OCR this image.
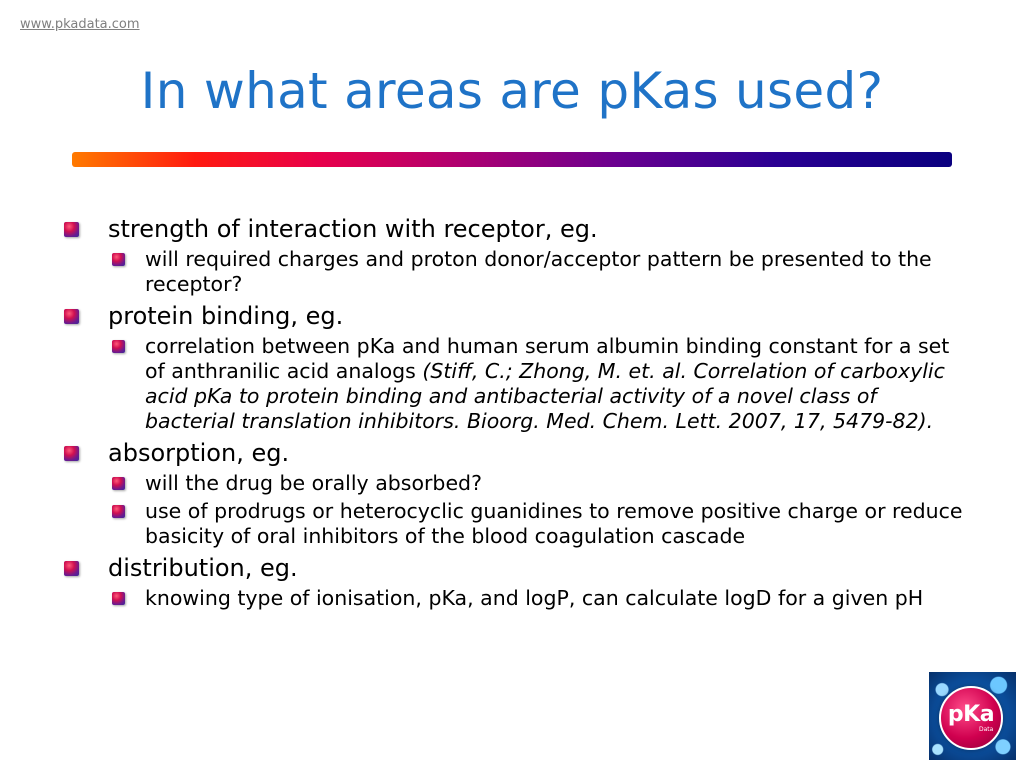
www.pkadata.com
In what areas are pKas used?
strength of interaction with receptor, eg.
will required charges and proton donor/acceptor pattern be presented to the receptor?
protein binding, eg.
correlation between pKa and human serum albumin binding constant for a set of anthranilic acid analogs (Stiff, C.; Zhong, M. et. al. Correlation of carboxylic acid pKa to protein binding and antibacterial activity of a novel class of bacterial translation inhibitors. Bioorg. Med. Chem. Lett. 2007, 17, 5479-82).
absorption, eg.
will the drug be orally absorbed?
use of prodrugs or heterocyclic guanidines to remove positive charge or reduce basicity of oral inhibitors of the blood coagulation cascade
distribution, eg.
knowing type of ionisation, pKa, and logP, can calculate logD for a given pH
pKa
Data
